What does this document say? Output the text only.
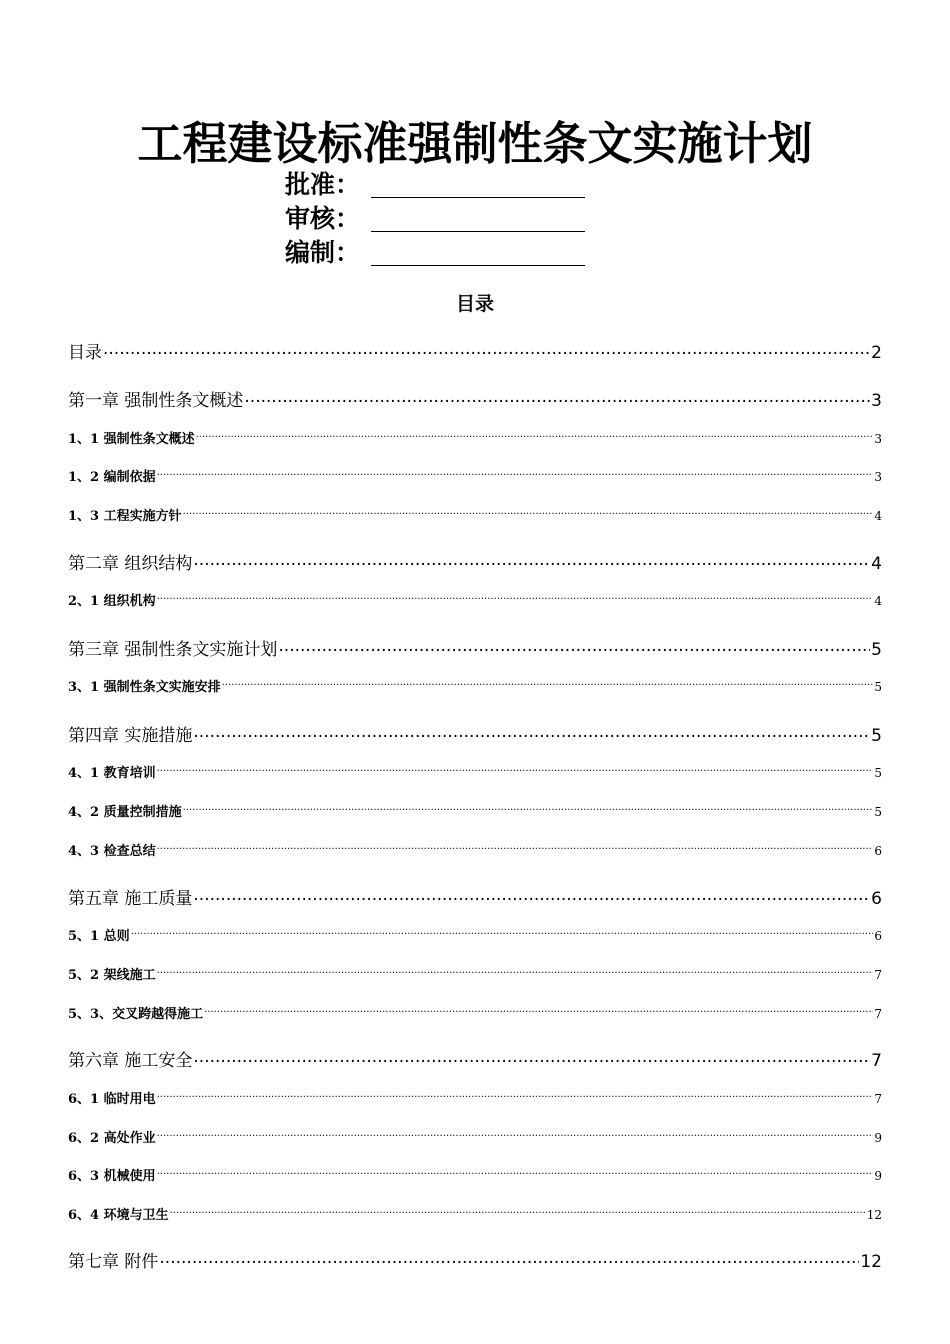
工程建设标准强制性条文实施计划
批准：
审核：
编制：
目录
目录 .....	2
第一章 强制性条文概述 .....	3
1、1 强制性条文概述 .....	3
1、2 编制依据 .....	3
1、3 工程实施方针 .....	4
第二章 组织结构 .....	4
2、1 组织机构 .....	4
第三章 强制性条文实施计划 .....	5
3、1 强制性条文实施安排 .....	5
第四章 实施措施 .....	5
4、1 教育培训 .....	5
4、2 质量控制措施 .....	5
4、3 检查总结 .....	6
第五章 施工质量 .....	6
5、1 总则 .....	6
5、2 架线施工 .....	7
5、3、交叉跨越得施工 .....	7
第六章 施工安全 .....	7
6、1 临时用电 .....	7
6、2 高处作业 .....	9
6、3 机械使用 .....	9
6、4 环境与卫生 .....	12
第七章 附件 .....	12
